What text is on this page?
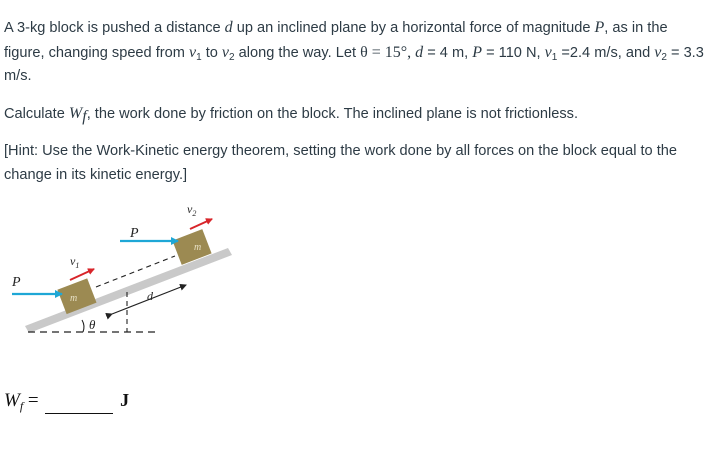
A 3-kg block is pushed a distance d up an inclined plane by a horizontal force of magnitude P, as in the figure, changing speed from $v_1$ to $v_2$ along the way. Let θ = 15°, d = 4 m, P = 110 N, $v_1 =2.4$ m/s, and $v_2 = 3.3$ m/s.

Calculate $W_f$, the work done by friction on the block. The inclined plane is not frictionless.

[Hint: Use the Work-Kinetic energy theorem, setting the work done by all forces on the block equal to the change in its kinetic energy.]

d
θ
m
m
P
P
$v_1$
$v_2$
$W_f$ =	J
